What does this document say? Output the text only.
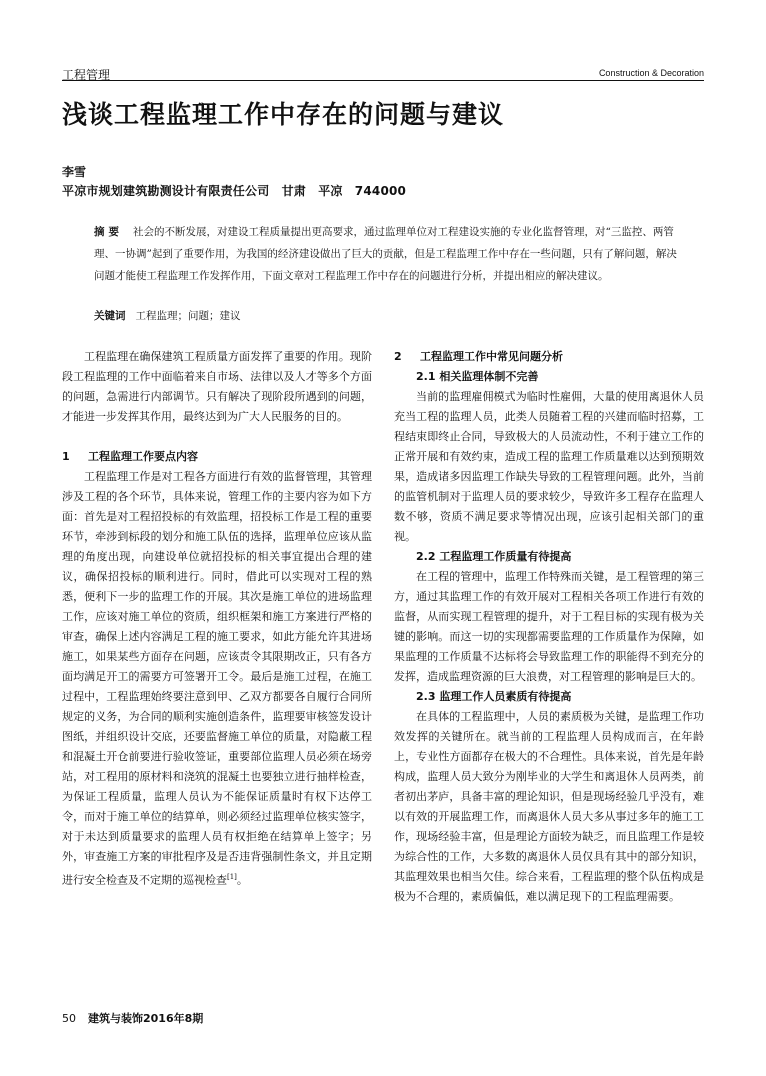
工程管理	Construction & Decoration
浅谈工程监理工作中存在的问题与建议
李雪
平凉市规划建筑勘测设计有限责任公司　甘肃　平凉　744000
摘要 社会的不断发展，对建设工程质量提出更高要求，通过监理单位对工程建设实施的专业化监督管理，对“三监控、两管理、一协调”起到了重要作用，为我国的经济建设做出了巨大的贡献，但是工程监理工作中存在一些问题，只有了解问题，解决问题才能使工程监理工作发挥作用，下面文章对工程监理工作中存在的问题进行分析，并提出相应的解决建议。
关键词 工程监理；问题；建议

工程监理在确保建筑工程质量方面发挥了重要的作用。现阶段工程监理的工作中面临着来自市场、法律以及人才等多个方面的问题，急需进行内部调节。只有解决了现阶段所遇到的问题，才能进一步发挥其作用，最终达到为广大人民服务的目的。

1 工程监理工作要点内容

工程监理工作是对工程各方面进行有效的监督管理，其管理涉及工程的各个环节，具体来说，管理工作的主要内容为如下方面：首先是对工程招投标的有效监理，招投标工作是工程的重要环节，牵涉到标段的划分和施工队伍的选择，监理单位应该从监理的角度出现，向建设单位就招投标的相关事宜提出合理的建议，确保招投标的顺利进行。同时，借此可以实现对工程的熟悉，便利下一步的监理工作的开展。其次是施工单位的进场监理工作，应该对施工单位的资质，组织框架和施工方案进行严格的审查，确保上述内容满足工程的施工要求，如此方能允许其进场施工，如果某些方面存在问题，应该责令其限期改正，只有各方面均满足开工的需要方可签署开工令。最后是施工过程，在施工过程中，工程监理始终要注意到甲、乙双方都要各自履行合同所规定的义务，为合同的顺利实施创造条件，监理要审核签发设计图纸，并组织设计交底，还要监督施工单位的质量，对隐蔽工程和混凝土开仓前要进行验收签证，重要部位监理人员必须在场旁站，对工程用的原材料和浇筑的混凝土也要独立进行抽样检查，为保证工程质量，监理人员认为不能保证质量时有权下达停工令，而对于施工单位的结算单，则必须经过监理单位核实签字，对于未达到质量要求的监理人员有权拒绝在结算单上签字；另外，审查施工方案的审批程序及是否违背强制性条文，并且定期进行安全检查及不定期的巡视检查[1]。

2 工程监理工作中常见问题分析
2.1 相关监理体制不完善

当前的监理雇佣模式为临时性雇佣，大量的使用离退休人员充当工程的监理人员，此类人员随着工程的兴建而临时招募，工程结束即终止合同，导致极大的人员流动性，不利于建立工作的正常开展和有效约束，造成工程的监理工作质量难以达到预期效果，造成诸多因监理工作缺失导致的工程管理问题。此外，当前的监管机制对于监理人员的要求较少，导致许多工程存在监理人数不够，资质不满足要求等情况出现，应该引起相关部门的重视。

2.2 工程监理工作质量有待提高

在工程的管理中，监理工作特殊而关键，是工程管理的第三方，通过其监理工作的有效开展对工程相关各项工作进行有效的监督，从而实现工程管理的提升，对于工程目标的实现有极为关键的影响。而这一切的实现都需要监理的工作质量作为保障，如果监理的工作质量不达标将会导致监理工作的职能得不到充分的发挥，造成监理资源的巨大浪费，对工程管理的影响是巨大的。

2.3 监理工作人员素质有待提高

在具体的工程监理中，人员的素质极为关键，是监理工作功效发挥的关键所在。就当前的工程监理人员构成而言，在年龄上，专业性方面都存在极大的不合理性。具体来说，首先是年龄构成，监理人员大致分为刚毕业的大学生和离退休人员两类，前者初出茅庐，具备丰富的理论知识，但是现场经验几乎没有，难以有效的开展监理工作，而离退休人员大多从事过多年的施工工作，现场经验丰富，但是理论方面较为缺乏，而且监理工作是较为综合性的工作，大多数的离退休人员仅具有其中的部分知识，其监理效果也相当欠佳。综合来看，工程监理的整个队伍构成是极为不合理的，素质偏低，难以满足现下的工程监理需要。

50 建筑与装饰2016年8期
